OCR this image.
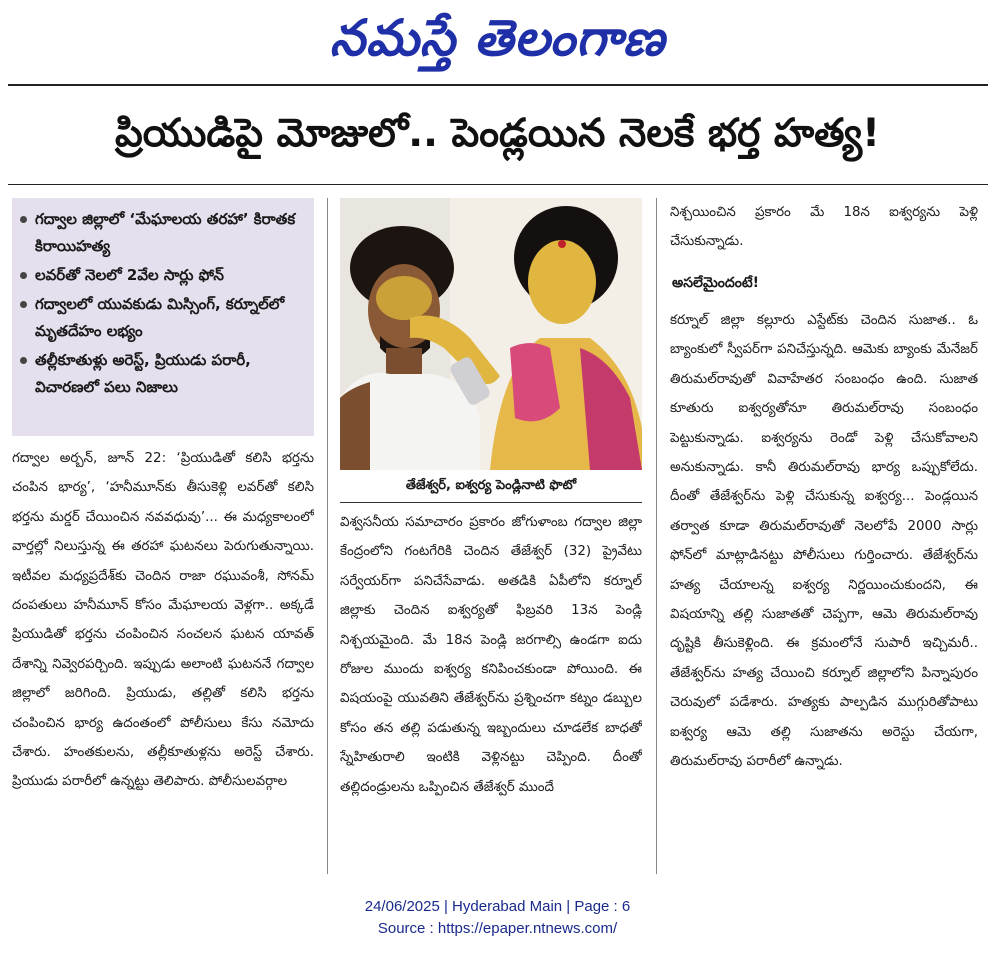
నమస్తే తెలంగాణ
ప్రియుడిపై మోజులో.. పెండ్లయిన నెలకే భర్త హత్య!
గద్వాల జిల్లాలో ‘మేఘాలయ తరహా’ కిరాతక కిరాయిహత్య
లవర్‌తో నెలలో 2వేల సార్లు ఫోన్
గద్వాలలో యువకుడు మిస్సింగ్, కర్నూల్‌లో మృతదేహం లభ్యం
తల్లీకూతుళ్లు అరెస్ట్, ప్రియుడు పరారీ, విచారణలో పలు నిజాలు

గద్వాల అర్బన్, జూన్ 22: ‘ప్రియుడితో కలిసి భర్తను చంపిన భార్య’, ‘హనీమూన్‌కు తీసుకెళ్లి లవర్‌తో కలిసి భర్తను మర్డర్ చేయించిన నవవధువు’... ఈ మధ్యకాలంలో వార్తల్లో నిలుస్తున్న ఈ తరహా ఘటనలు పెరుగుతున్నాయి. ఇటీవల మధ్యప్రదేశ్‌కు చెందిన రాజా రఘువంశీ, సోనమ్ దంపతులు హనీమూన్ కోసం మేఘాలయ వెళ్లగా.. అక్కడే ప్రియుడితో భర్తను చంపించిన సంచలన ఘటన యావత్ దేశాన్ని నివ్వెరపర్చింది. ఇప్పుడు అలాంటి ఘటననే గద్వాల జిల్లాలో జరిగింది. ప్రియుడు, తల్లితో కలిసి భర్తను చంపించిన భార్య ఉదంతంలో పోలీసులు కేసు నమోదు చేశారు. హంతకులను, తల్లీకూతుళ్లను అరెస్ట్ చేశారు. ప్రియుడు పరారీలో ఉన్నట్టు తెలిపారు. పోలీసులవర్గాల

తేజేశ్వర్, ఐశ్వర్య పెండ్లినాటి ఫొటో

విశ్వసనీయ సమాచారం ప్రకారం జోగుళాంబ గద్వాల జిల్లా కేంద్రంలోని గంటగేరికి చెందిన తేజేశ్వర్ (32) ప్రైవేటు సర్వేయర్‌గా పనిచేసేవాడు. అతడికి ఏపీలోని కర్నూల్ జిల్లాకు చెందిన ఐశ్వర్యతో ఫిబ్రవరి 13న పెండ్లి నిశ్చయమైంది. మే 18న పెండ్లి జరగాల్సి ఉండగా ఐదు రోజుల ముందు ఐశ్వర్య కనిపించకుండా పోయింది. ఈ విషయంపై యువతిని తేజేశ్వర్‌ను ప్రశ్నించగా కట్నం డబ్బుల కోసం తన తల్లి పడుతున్న ఇబ్బందులు చూడలేక బాధతో స్నేహితురాలి ఇంటికి వెళ్లినట్టు చెప్పింది. దీంతో తల్లిదండ్రులను ఒప్పించిన తేజేశ్వర్ ముందే

నిశ్చయించిన ప్రకారం మే 18న ఐశ్వర్యను పెళ్లి చేసుకున్నాడు.

అసలేమైందంటే!

కర్నూల్ జిల్లా కల్లూరు ఎస్టేట్‌కు చెందిన సుజాత.. ఓ బ్యాంకులో స్వీపర్‌గా పనిచేస్తున్నది. ఆమెకు బ్యాంకు మేనేజర్ తిరుమల్‌రావుతో వివాహేతర సంబంధం ఉంది. సుజాత కూతురు ఐశ్వర్యతోనూ తిరుమల్‌రావు సంబంధం పెట్టుకున్నాడు. ఐశ్వర్యను రెండో పెళ్లి చేసుకోవాలని అనుకున్నాడు. కానీ తిరుమల్‌రావు భార్య ఒప్పుకోలేదు. దీంతో తేజేశ్వర్‌ను పెళ్లి చేసుకున్న ఐశ్వర్య... పెండ్లయిన తర్వాత కూడా తిరుమల్‌రావుతో నెలలోపే 2000 సార్లు ఫోన్‌లో మాట్లాడినట్టు పోలీసులు గుర్తించారు. తేజేశ్వర్‌ను హత్య చేయాలన్న ఐశ్వర్య నిర్ణయించుకుందని, ఈ విషయాన్ని తల్లి సుజాతతో చెప్పగా, ఆమె తిరుమల్‌రావు దృష్టికి తీసుకెళ్లింది. ఈ క్రమంలోనే సుపారీ ఇచ్చిమరీ.. తేజేశ్వర్‌ను హత్య చేయించి కర్నూల్ జిల్లాలోని పిన్నాపురం చెరువులో పడేశారు. హత్యకు పాల్పడిన ముగ్గురితోపాటు ఐశ్వర్య ఆమె తల్లి సుజాతను అరెస్టు చేయగా, తిరుమల్‌రావు పరారీలో ఉన్నాడు.

24/06/2025 | Hyderabad Main | Page : 6
Source : https://epaper.ntnews.com/
